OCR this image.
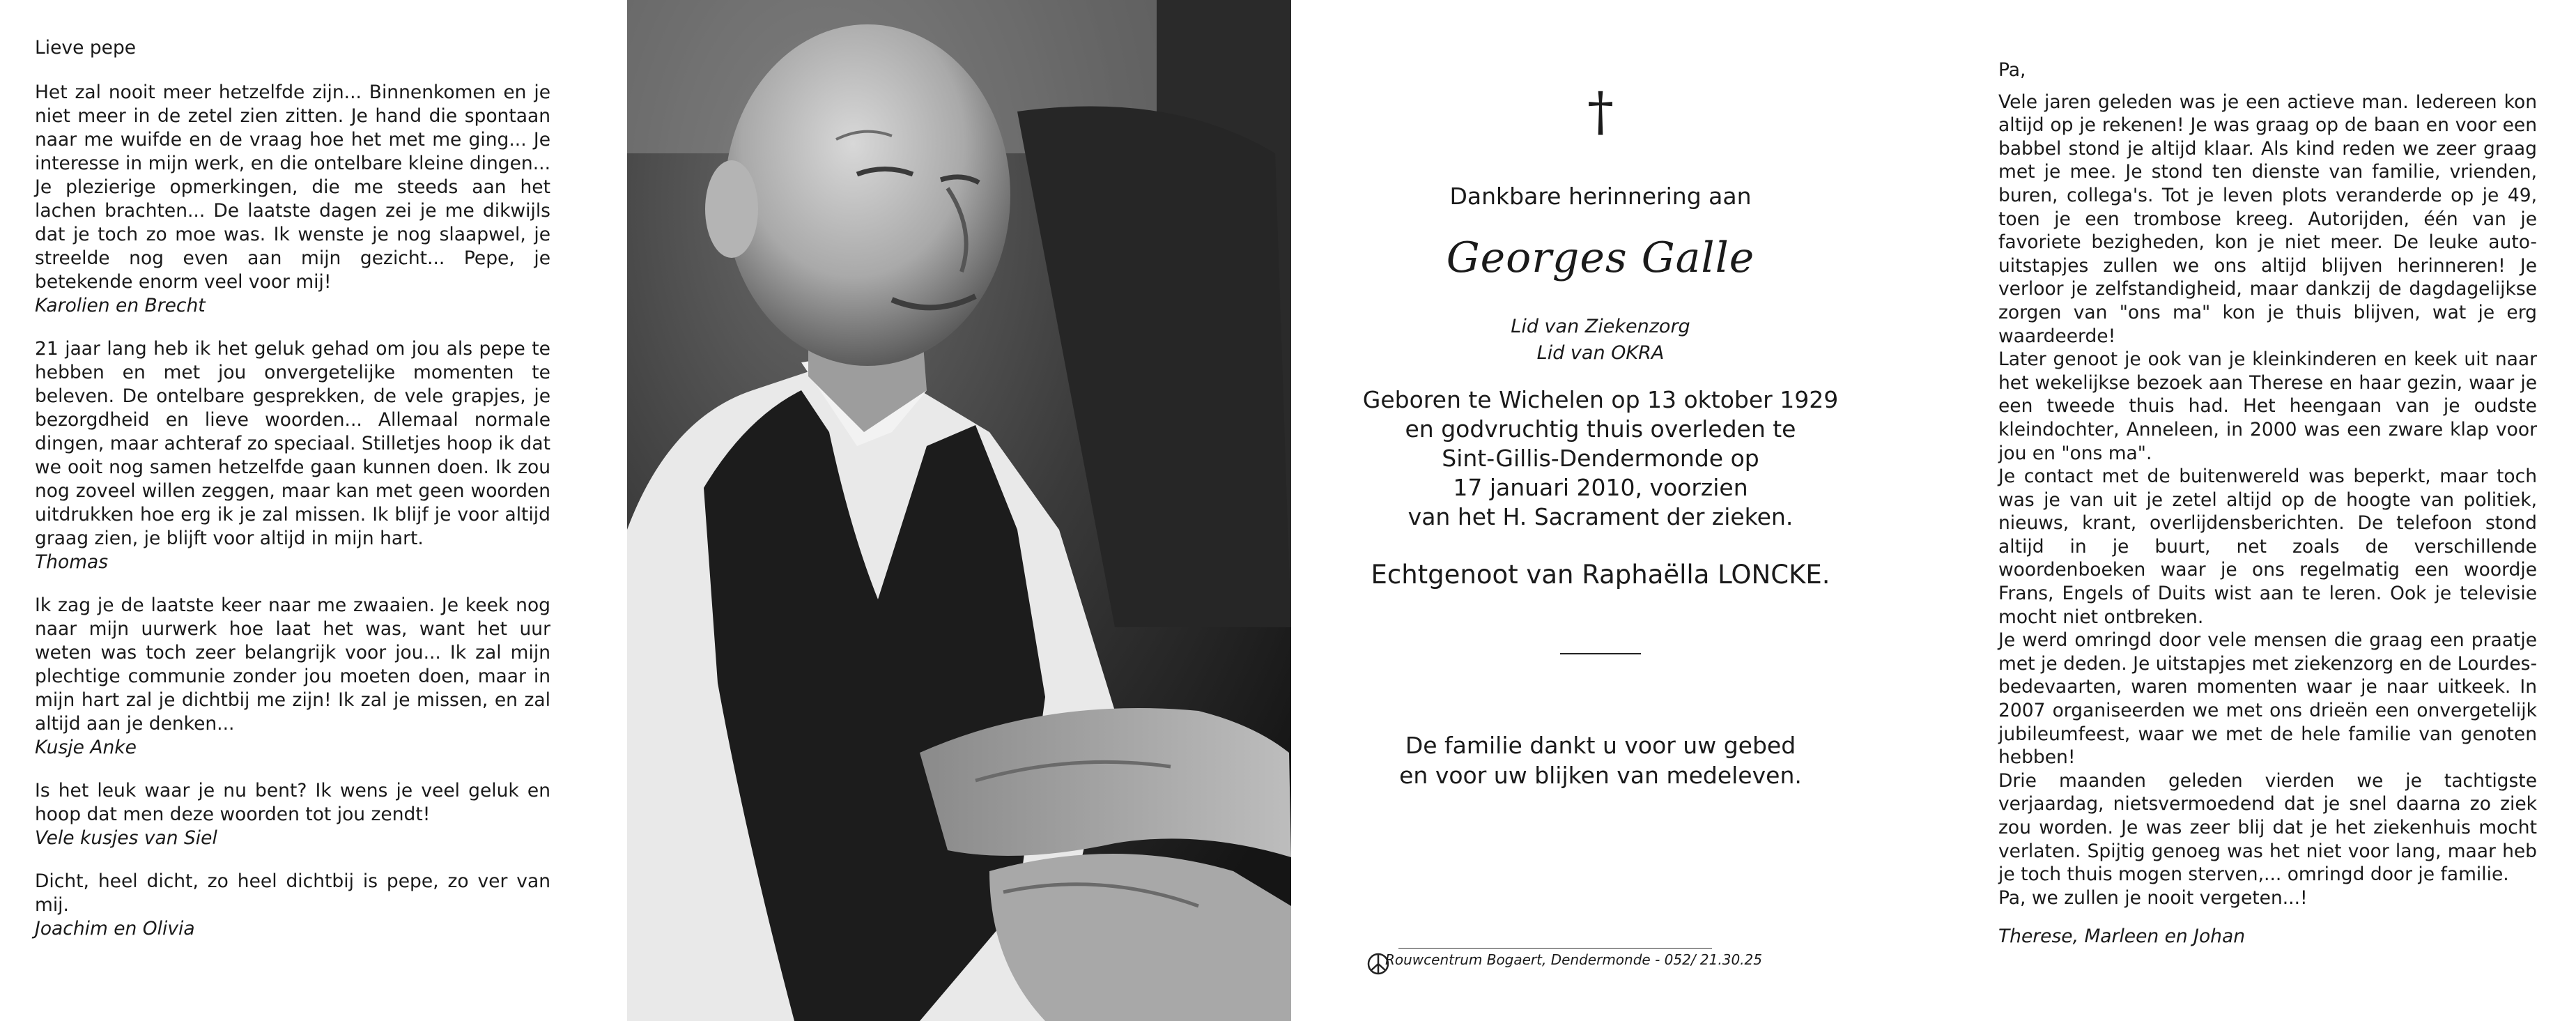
Lieve pepe

Het zal nooit meer hetzelfde zijn... Binnenkomen en je niet meer in de zetel zien zitten. Je hand die spontaan naar me wuifde en de vraag hoe het met me ging... Je interesse in mijn werk, en die ontelbare kleine dingen... Je plezierige opmerkingen, die me steeds aan het lachen brachten... De laatste dagen zei je me dikwijls dat je toch zo moe was. Ik wenste je nog slaapwel, je streelde nog even aan mijn gezicht... Pepe, je betekende enorm veel voor mij!

Karolien en Brecht

21 jaar lang heb ik het geluk gehad om jou als pepe te hebben en met jou onvergetelijke momenten te beleven. De ontelbare gesprekken, de vele grapjes, je bezorgdheid en lieve woorden... Allemaal normale dingen, maar achteraf zo speciaal. Stilletjes hoop ik dat we ooit nog samen hetzelfde gaan kunnen doen. Ik zou nog zoveel willen zeggen, maar kan met geen woorden uitdrukken hoe erg ik je zal missen. Ik blijf je voor altijd graag zien, je blijft voor altijd in mijn hart.

Thomas

Ik zag je de laatste keer naar me zwaaien. Je keek nog naar mijn uurwerk hoe laat het was, want het uur weten was toch zeer belangrijk voor jou... Ik zal mijn plechtige communie zonder jou moeten doen, maar in mijn hart zal je dichtbij me zijn! Ik zal je missen, en zal altijd aan je denken...

Kusje Anke

Is het leuk waar je nu bent? Ik wens je veel geluk en hoop dat men deze woorden tot jou zendt!

Vele kusjes van Siel

Dicht, heel dicht, zo heel dichtbij is pepe, zo ver van mij.

Joachim en Olivia
†
Dankbare herinnering aan
Georges Galle
Lid van Ziekenzorg
Lid van OKRA
Geboren te Wichelen op 13 oktober 1929
en godvruchtig thuis overleden te
Sint-Gillis-Dendermonde op
17 januari 2010, voorzien
van het H. Sacrament der zieken.
Echtgenoot van Raphaëlla LONCKE.
De familie dankt u voor uw gebed
en voor uw blijken van medeleven.
Rouwcentrum Bogaert, Dendermonde - 052/ 21.30.25
Pa,

Vele jaren geleden was je een actieve man. Iedereen kon altijd op je rekenen! Je was graag op de baan en voor een babbel stond je altijd klaar. Als kind reden we zeer graag met je mee. Je stond ten dienste van familie, vrienden, buren, collega's. Tot je leven plots veranderde op je 49, toen je een trombose kreeg. Autorijden, één van je favoriete bezigheden, kon je niet meer. De leuke auto-uitstapjes zullen we ons altijd blijven herinneren! Je verloor je zelfstandigheid, maar dankzij de dagdagelijkse zorgen van "ons ma" kon je thuis blijven, wat je erg waardeerde!

Later genoot je ook van je kleinkinderen en keek uit naar het wekelijkse bezoek aan Therese en haar gezin, waar je een tweede thuis had. Het heengaan van je oudste kleindochter, Anneleen, in 2000 was een zware klap voor jou en "ons ma".

Je contact met de buitenwereld was beperkt, maar toch was je van uit je zetel altijd op de hoogte van politiek, nieuws, krant, overlijdensberichten. De telefoon stond altijd in je buurt, net zoals de verschillende woordenboeken waar je ons regelmatig een woordje Frans, Engels of Duits wist aan te leren. Ook je televisie mocht niet ontbreken.

Je werd omringd door vele mensen die graag een praatje met je deden. Je uitstapjes met ziekenzorg en de Lourdes-bedevaarten, waren momenten waar je naar uitkeek. In 2007 organiseerden we met ons drieën een onvergetelijk jubileumfeest, waar we met de hele familie van genoten hebben!

Drie maanden geleden vierden we je tachtigste verjaardag, nietsvermoedend dat je snel daarna zo ziek zou worden. Je was zeer blij dat je het ziekenhuis mocht verlaten. Spijtig genoeg was het niet voor lang, maar heb je toch thuis mogen sterven,... omringd door je familie.

Pa, we zullen je nooit vergeten...!

Therese, Marleen en Johan
